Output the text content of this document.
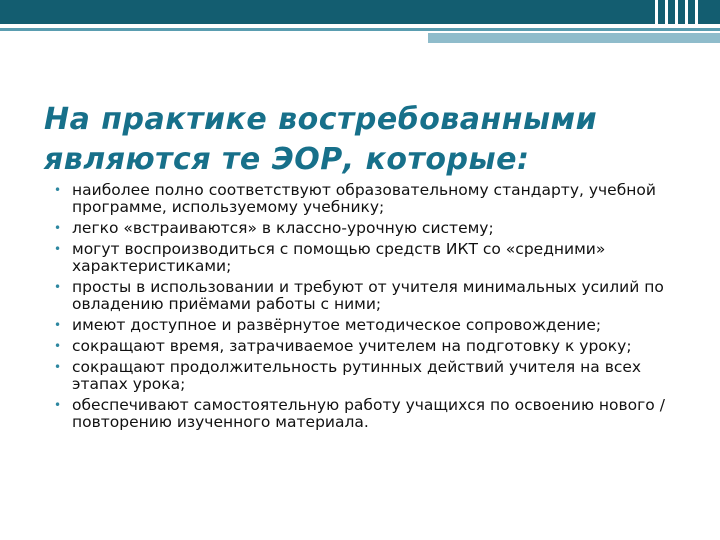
На практике востребованными являются те ЭОР, которые:
• наиболее полно соответствуют образовательному стандарту, учебной программе, используемому учебнику;
• легко «встраиваются» в классно-урочную систему;
• могут воспроизводиться с помощью средств ИКТ со «средними» характеристиками;
• просты в использовании и требуют от учителя минимальных усилий по овладению приёмами работы с ними;
• имеют доступное и развёрнутое методическое сопровождение;
• сокращают время, затрачиваемое учителем на подготовку к уроку;
• сокращают продолжительность рутинных действий учителя на всех этапах урока;
• обеспечивают самостоятельную работу учащихся по освоению нового / повторению изученного материала.
